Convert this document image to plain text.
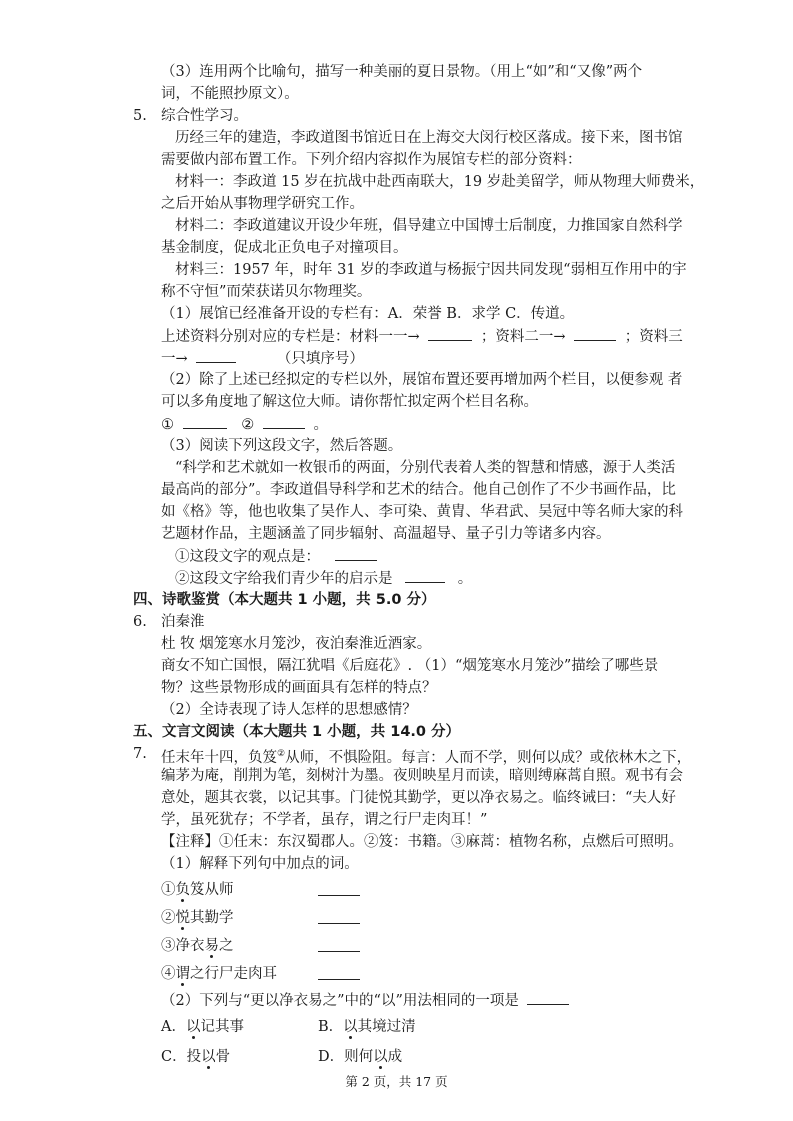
（3）连用两个比喻句，描写一种美丽的夏日景物。（用上“如”和“又像”两个
词，不能照抄原文）。
5. 综合性学习。
历经三年的建造，李政道图书馆近日在上海交大闵行校区落成。接下来，图书馆
需要做内部布置工作。下列介绍内容拟作为展馆专栏的部分资料：
材料一：李政道 15 岁在抗战中赴西南联大，19 岁赴美留学，师从物理大师费米，
之后开始从事物理学研究工作。
材料二：李政道建议开设少年班，倡导建立中国博士后制度，力推国家自然科学
基金制度，促成北正负电子对撞项目。
材料三：1957 年，时年 31 岁的李政道与杨振宁因共同发现“弱相互作用中的宇
称不守恒”而荣获诺贝尔物理奖。
（1）展馆已经准备开设的专栏有：A．荣誉 B．求学 C．传道。
上述资料分别对应的专栏是：材料一一→	；资料二一→	；资料三
一→	（只填序号）
（2）除了上述已经拟定的专栏以外，展馆布置还要再增加两个栏目，以便参观 者
可以多角度地了解这位大师。请你帮忙拟定两个栏目名称。
①	②	。
（3）阅读下列这段文字，然后答题。
“科学和艺术就如一枚银币的两面，分别代表着人类的智慧和情感，源于人类活
最高尚的部分”。李政道倡导科学和艺术的结合。他自己创作了不少书画作品，比
如《格》等，他也收集了吴作人、李可染、黄胄、华君武、吴冠中等名师大家的科
艺题材作品，主题涵盖了同步辐射、高温超导、量子引力等诸多内容。
①这段文字的观点是：
②这段文字给我们青少年的启示是	。
四、诗歌鉴赏（本大题共 1 小题，共 5.0 分）
6. 泊秦淮
杜 牧 烟笼寒水月笼沙，夜泊秦淮近酒家。
商女不知亡国恨，隔江犹唱《后庭花》. （1）“烟笼寒水月笼沙”描绘了哪些景
物？这些景物形成的画面具有怎样的特点？
（2）全诗表现了诗人怎样的思想感情？
五、文言文阅读（本大题共 1 小题，共 14.0 分）
7. 任末年十四，负笈②从师，不惧险阻。每言：人而不学，则何以成？或依林木之下，
编茅为庵，削荆为笔，刻树汁为墨。夜则映星月而读，暗则缚麻蒿自照。观书有会
意处，题其衣裳，以记其事。门徒悦其勤学，更以净衣易之。临终诫曰：“夫人好
学，虽死犹存；不学者，虽存，谓之行尸走肉耳！”
【注释】①任末：东汉蜀郡人。②笈：书籍。③麻蒿：植物名称，点燃后可照明。
（1）解释下列句中加点的词。
①负笈从师
②悦其勤学
③净衣易之
④谓之行尸走肉耳
（2）下列与“更以净衣易之”中的“以”用法相同的一项是
A．以记其事	B．以其境过清
C．投以骨	D．则何以成
第 2 页，共 17 页
